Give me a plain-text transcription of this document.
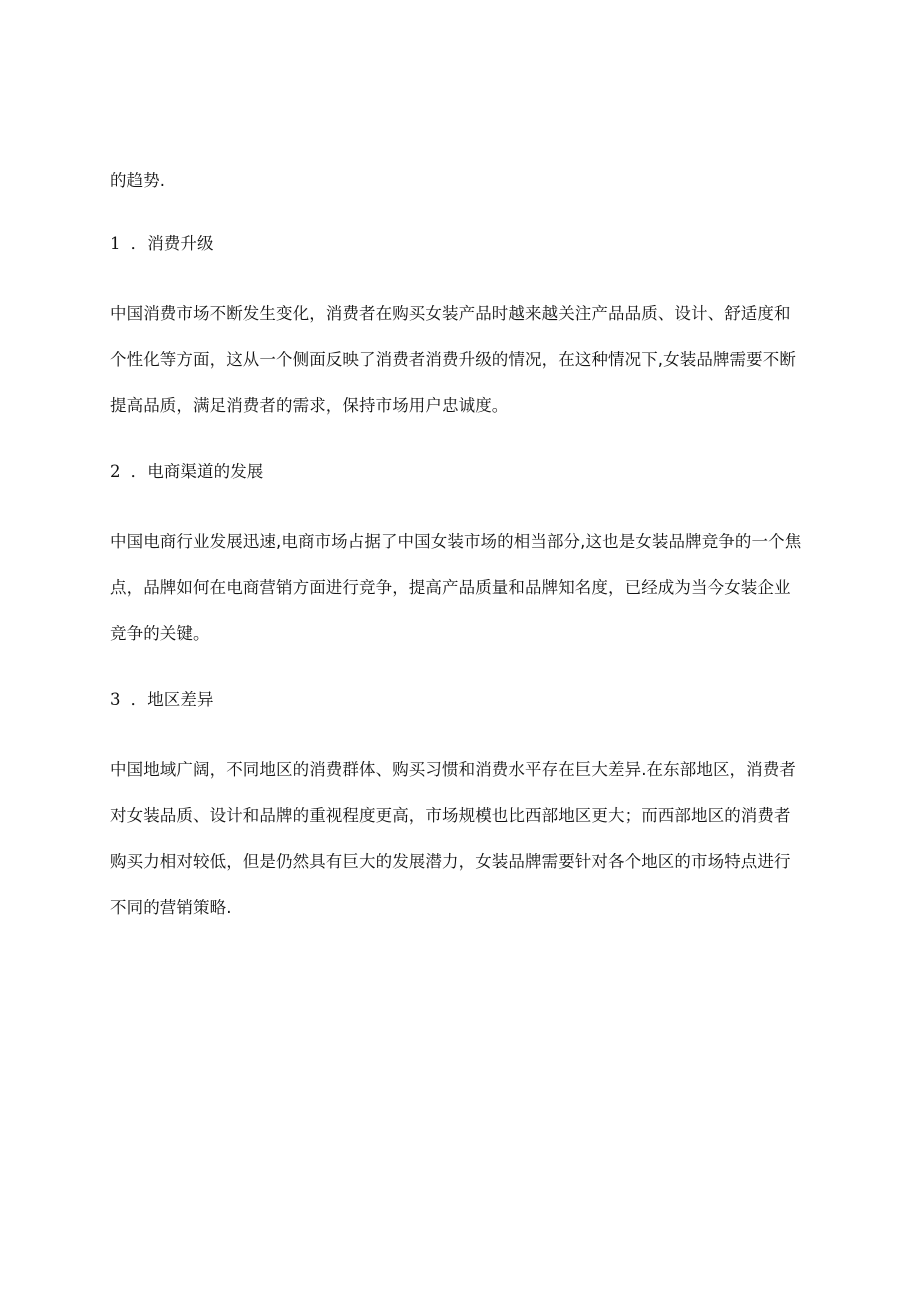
的趋势.
1 ．消费升级
中国消费市场不断发生变化，消费者在购买女装产品时越来越关注产品品质、设计、舒适度和
个性化等方面，这从一个侧面反映了消费者消费升级的情况，在这种情况下,女装品牌需要不断
提高品质，满足消费者的需求，保持市场用户忠诚度。
2 ．电商渠道的发展
中国电商行业发展迅速,电商市场占据了中国女装市场的相当部分,这也是女装品牌竞争的一个焦
点，品牌如何在电商营销方面进行竞争，提高产品质量和品牌知名度，已经成为当今女装企业
竞争的关键。
3 ．地区差异
中国地域广阔，不同地区的消费群体、购买习惯和消费水平存在巨大差异.在东部地区，消费者
对女装品质、设计和品牌的重视程度更高，市场规模也比西部地区更大；而西部地区的消费者
购买力相对较低，但是仍然具有巨大的发展潜力，女装品牌需要针对各个地区的市场特点进行
不同的营销策略.
